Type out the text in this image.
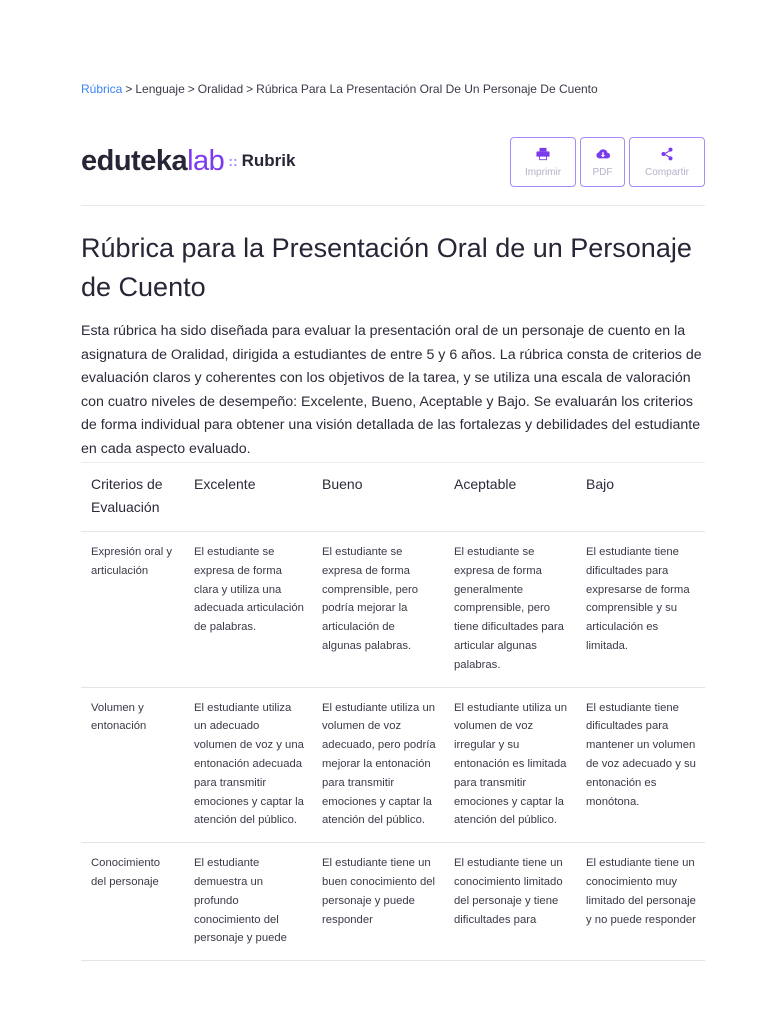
Rúbrica > Lenguaje > Oralidad > Rúbrica Para La Presentación Oral De Un Personaje De Cuento
edutekalab :: Rubrik
Imprimir	PDF	Compartir
Rúbrica para la Presentación Oral de un Personaje de Cuento

Esta rúbrica ha sido diseñada para evaluar la presentación oral de un personaje de cuento en la asignatura de Oralidad, dirigida a estudiantes de entre 5 y 6 años. La rúbrica consta de criterios de evaluación claros y coherentes con los objetivos de la tarea, y se utiliza una escala de valoración con cuatro niveles de desempeño: Excelente, Bueno, Aceptable y Bajo. Se evaluarán los criterios de forma individual para obtener una visión detallada de las fortalezas y debilidades del estudiante en cada aspecto evaluado.

Criterios de Evaluación	Excelente	Bueno	Aceptable	Bajo
Expresión oral y articulación	El estudiante se expresa de forma clara y utiliza una adecuada articulación de palabras.	El estudiante se expresa de forma comprensible, pero podría mejorar la articulación de algunas palabras.	El estudiante se expresa de forma generalmente comprensible, pero tiene dificultades para articular algunas palabras.	El estudiante tiene dificultades para expresarse de forma comprensible y su articulación es limitada.
Volumen y entonación	El estudiante utiliza un adecuado volumen de voz y una entonación adecuada para transmitir emociones y captar la atención del público.	El estudiante utiliza un volumen de voz adecuado, pero podría mejorar la entonación para transmitir emociones y captar la atención del público.	El estudiante utiliza un volumen de voz irregular y su entonación es limitada para transmitir emociones y captar la atención del público.	El estudiante tiene dificultades para mantener un volumen de voz adecuado y su entonación es monótona.
Conocimiento del personaje	El estudiante demuestra un profundo conocimiento del personaje y puede	El estudiante tiene un buen conocimiento del personaje y puede responder	El estudiante tiene un conocimiento limitado del personaje y tiene dificultades para	El estudiante tiene un conocimiento muy limitado del personaje y no puede responder
